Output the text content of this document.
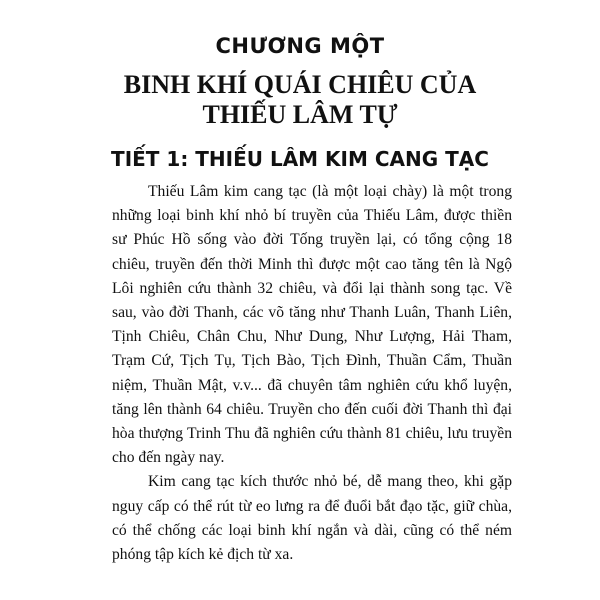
CHƯƠNG MỘT
BINH KHÍ QUÁI CHIÊU CỦA
THIẾU LÂM TỰ
TIẾT 1: THIẾU LÂM KIM CANG TẠC

Thiếu Lâm kim cang tạc (là một loại chày) là một trong những loại binh khí nhỏ bí truyền của Thiếu Lâm, được thiền sư Phúc Hồ sống vào đời Tống truyền lại, có tổng cộng 18 chiêu, truyền đến thời Minh thì được một cao tăng tên là Ngộ Lôi nghiên cứu thành 32 chiêu, và đổi lại thành song tạc. Về sau, vào đời Thanh, các võ tăng như Thanh Luân, Thanh Liên, Tịnh Chiêu, Chân Chu, Như Dung, Như Lượng, Hải Tham, Trạm Cứ, Tịch Tụ, Tịch Bào, Tịch Đình, Thuần Cẩm, Thuần niệm, Thuần Mật, v.v... đã chuyên tâm nghiên cứu khổ luyện, tăng lên thành 64 chiêu. Truyền cho đến cuối đời Thanh thì đại hòa thượng Trinh Thu đã nghiên cứu thành 81 chiêu, lưu truyền cho đến ngày nay.

Kim cang tạc kích thước nhỏ bé, dễ mang theo, khi gặp nguy cấp có thể rút từ eo lưng ra để đuổi bắt đạo tặc, giữ chùa, có thể chống các loại binh khí ngắn và dài, cũng có thể ném phóng tập kích kẻ địch từ xa.
